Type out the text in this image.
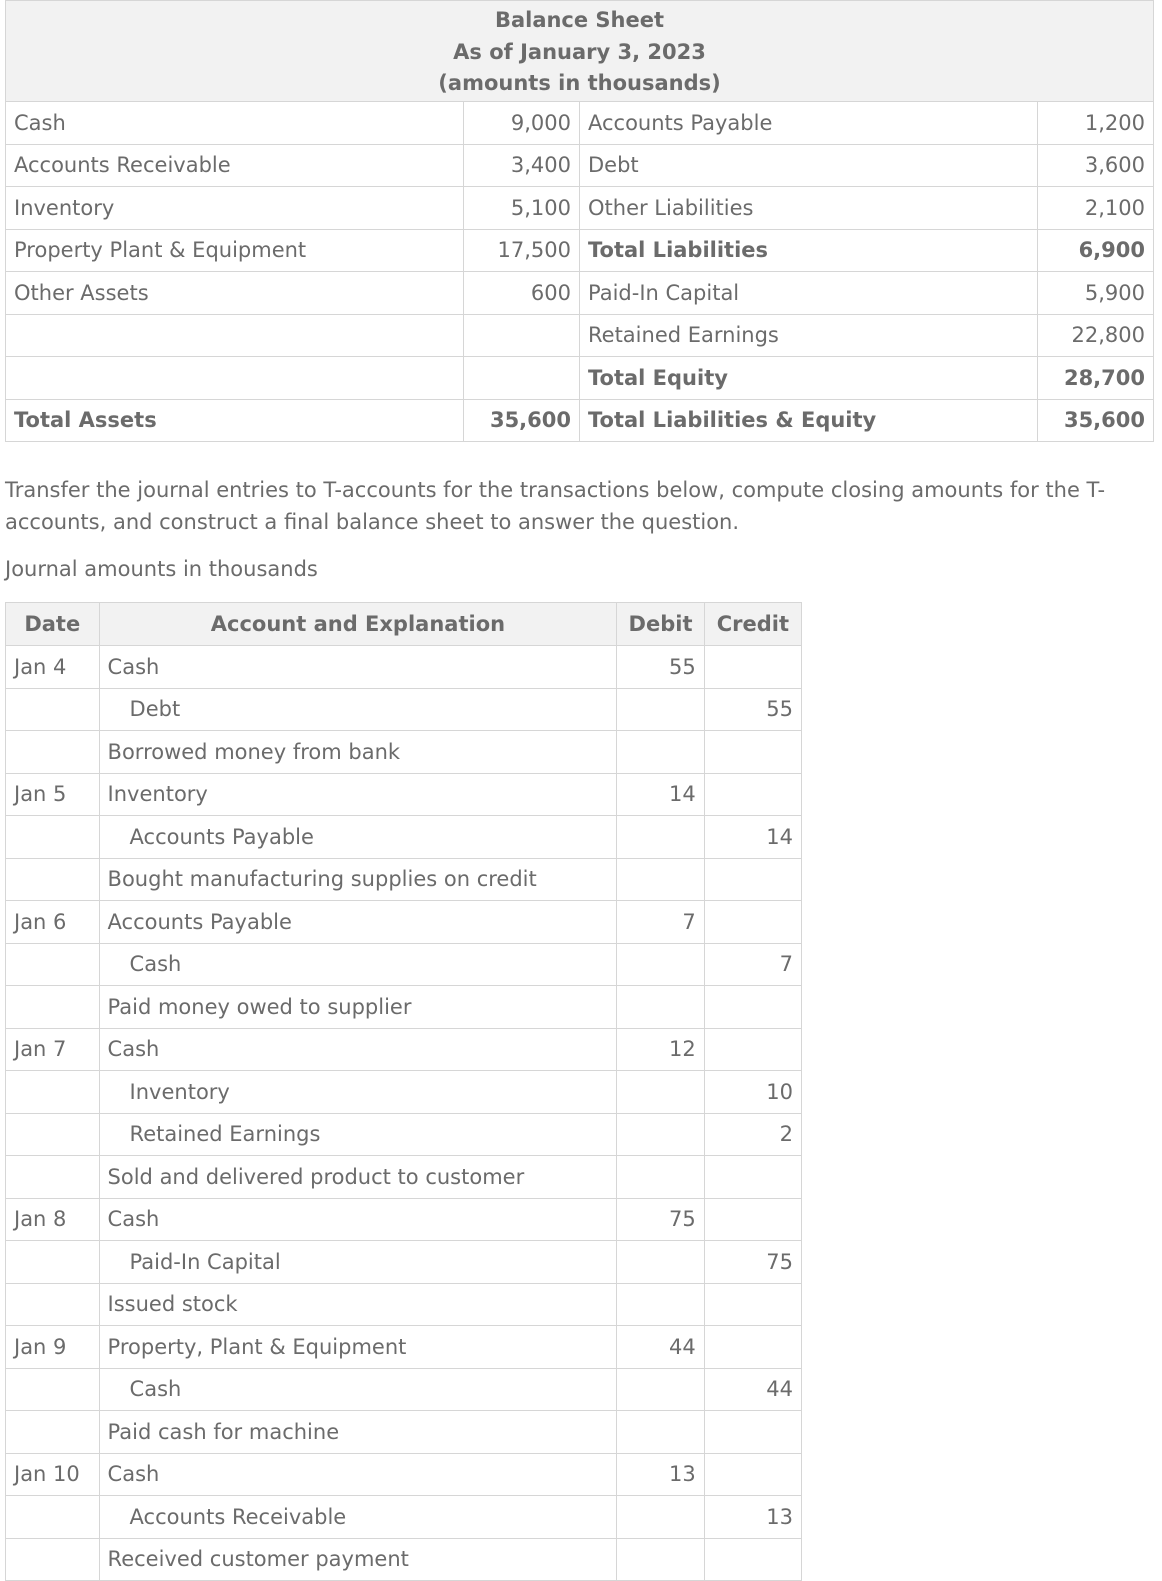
Balance Sheet
As of January 3, 2023
(amounts in thousands)			

Cash	9,000	Accounts Payable	1,200
Accounts Receivable	3,400	Debt	3,600
Inventory	5,100	Other Liabilities	2,100
Property Plant & Equipment	17,500	Total Liabilities	6,900
Other Assets	600	Paid-In Capital	5,900
		Retained Earnings	22,800
		Total Equity	28,700
Total Assets	35,600	Total Liabilities & Equity	35,600

Transfer the journal entries to T-accounts for the transactions below, compute closing amounts for the T-accounts, and construct a final balance sheet to answer the question.

Journal amounts in thousands

Date	Account and Explanation	Debit	Credit
Jan 4	Cash	55	
	Debt		55
	Borrowed money from bank		
Jan 5	Inventory	14	
	Accounts Payable		14
	Bought manufacturing supplies on credit		
Jan 6	Accounts Payable	7	
	Cash		7
	Paid money owed to supplier		
Jan 7	Cash	12	
	Inventory		10
	Retained Earnings		2
	Sold and delivered product to customer		
Jan 8	Cash	75	
	Paid-In Capital		75
	Issued stock		
Jan 9	Property, Plant & Equipment	44	
	Cash		44
	Paid cash for machine		
Jan 10	Cash	13	
	Accounts Receivable		13
	Received customer payment		
